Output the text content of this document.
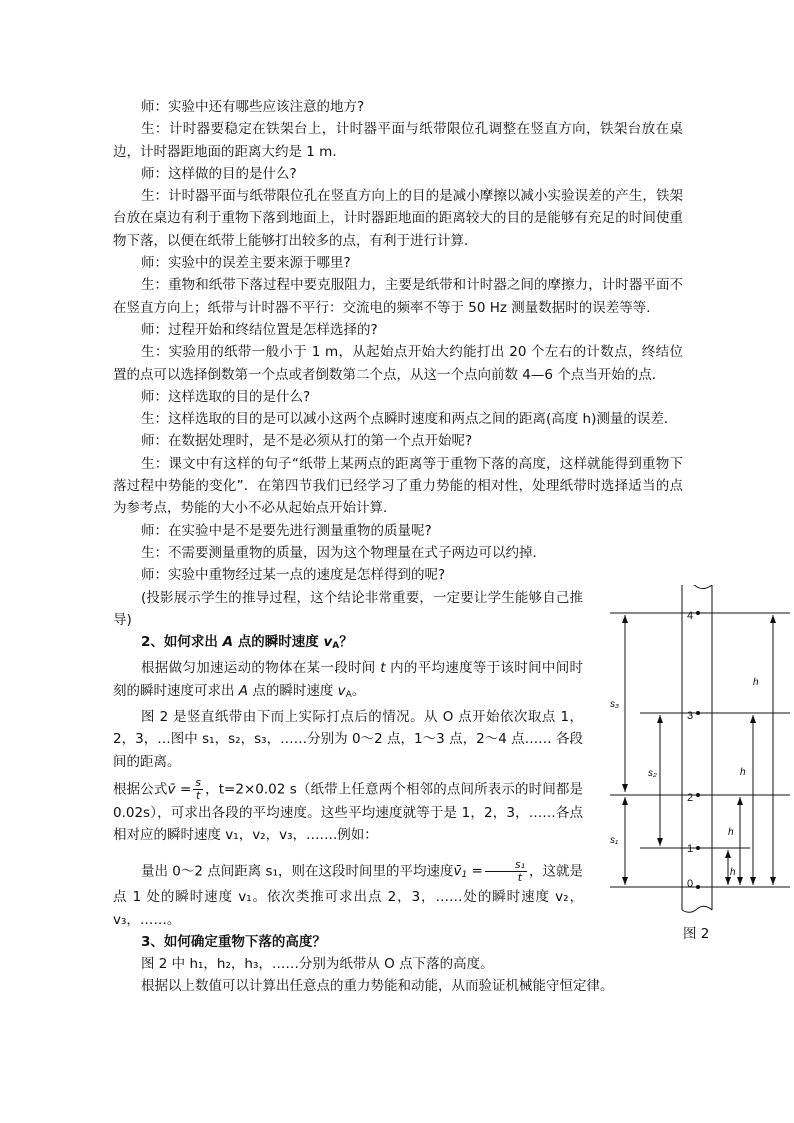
师：实验中还有哪些应该注意的地方?

生：计时器要稳定在铁架台上，计时器平面与纸带限位孔调整在竖直方向，铁架台放在桌边，计时器距地面的距离大约是 1 m．

师：这样做的目的是什么?

生：计时器平面与纸带限位孔在竖直方向上的目的是减小摩擦以减小实验误差的产生，铁架台放在桌边有利于重物下落到地面上，计时器距地面的距离较大的目的是能够有充足的时间使重物下落，以便在纸带上能够打出较多的点，有利于进行计算．

师：实验中的误差主要来源于哪里?

生：重物和纸带下落过程中要克服阻力，主要是纸带和计时器之间的摩擦力，计时器平面不在竖直方向上；纸带与计时器不平行：交流电的频率不等于 50 Hz 测量数据时的误差等等．

师：过程开始和终结位置是怎样选择的?

生：实验用的纸带一般小于 1 m，从起始点开始大约能打出 20 个左右的计数点，终结位置的点可以选择倒数第一个点或者倒数第二个点，从这一个点向前数 4—6 个点当开始的点．

师：这样选取的目的是什么?

生：这样选取的目的是可以减小这两个点瞬时速度和两点之间的距离(高度 h)测量的误差．

师：在数据处理时，是不是必须从打的第一个点开始呢?

生：课文中有这样的句子“纸带上某两点的距离等于重物下落的高度，这样就能得到重物下落过程中势能的变化”．在第四节我们已经学习了重力势能的相对性，处理纸带时选择适当的点为参考点，势能的大小不必从起始点开始计算．

师：在实验中是不是要先进行测量重物的质量呢?

生：不需要测量重物的质量，因为这个物理量在式子两边可以约掉．

师：实验中重物经过某一点的速度是怎样得到的呢?

(投影展示学生的推导过程，这个结论非常重要，一定要让学生能够自己推导)

2、如何求出 A 点的瞬时速度 $v_A$？

根据做匀加速运动的物体在某一段时间 t 内的平均速度等于该时间中间时刻的瞬时速度可求出 A 点的瞬时速度 $v_A$。

图 2 是竖直纸带由下而上实际打点后的情况。从 O 点开始依次取点 1，2，3，…图中 s₁，s₂，s₃，……分别为 0～2 点，1～3 点，2～4 点…… 各段间的距离。

根据公式v̄ = $\frac{s}{t}$ ，t=2×0.02 s（纸带上任意两个相邻的点间所表示的时间都是 0.02s），可求出各段的平均速度。这些平均速度就等于是 1，2，3，……各点相对应的瞬时速度 v₁，v₂，v₃，…….例如：

量出 0～2 点间距离 s₁，则在这段时间里的平均速度$v̄_1 = \frac{\text{s₁}}{t}$ ，这就是点 1 处的瞬时速度 v₁。依次类推可求出点 2，3，……处的瞬时速度 v₂，v₃，……。

3、如何确定重物下落的高度？

图 2 中 h₁，h₂，h₃，……分别为纸带从 O 点下落的高度。

根据以上数值可以计算出任意点的重力势能和动能，从而验证机械能守恒定律。

4
3
2
1
0
s₃
s₂
s₁
h
h
h
h
图 2
